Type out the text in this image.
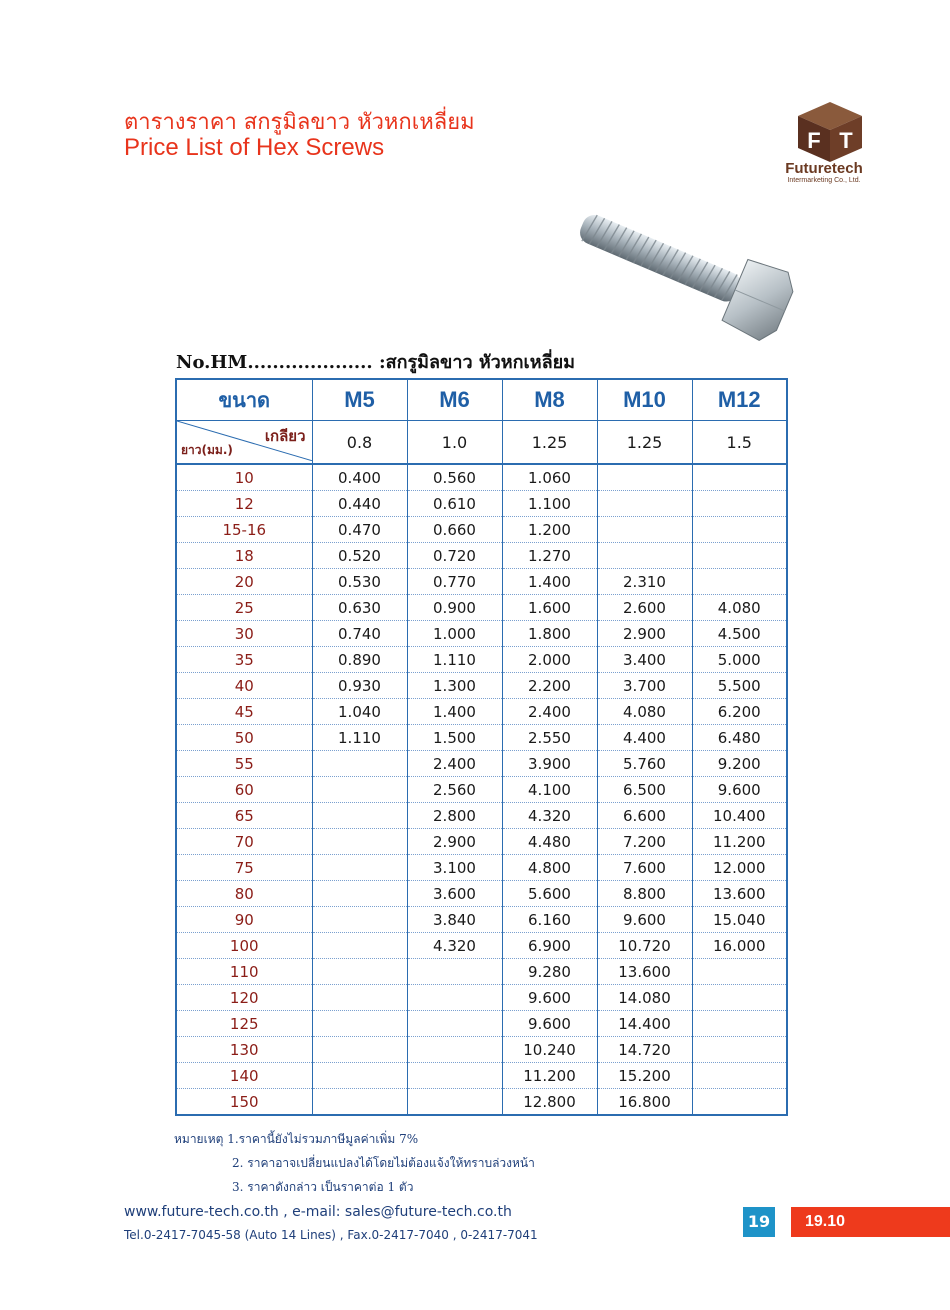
ตารางราคา สกรูมิลขาว หัวหกเหลี่ยม
Price List of Hex Screws	F T
Futuretech
Intermarketing Co., Ltd.
No.HM.................... :สกรูมิลขาว หัวหกเหลี่ยม
ขนาด	M5	M6	M8	M10	M12

เกลียว
ยาว(มม.)	0.8	1.0	1.25	1.25	1.5
10	0.400	0.560	1.060		
12	0.440	0.610	1.100		
15-16	0.470	0.660	1.200		
18	0.520	0.720	1.270		
20	0.530	0.770	1.400	2.310	
25	0.630	0.900	1.600	2.600	4.080
30	0.740	1.000	1.800	2.900	4.500
35	0.890	1.110	2.000	3.400	5.000
40	0.930	1.300	2.200	3.700	5.500
45	1.040	1.400	2.400	4.080	6.200
50	1.110	1.500	2.550	4.400	6.480
55		2.400	3.900	5.760	9.200
60		2.560	4.100	6.500	9.600
65		2.800	4.320	6.600	10.400
70		2.900	4.480	7.200	11.200
75		3.100	4.800	7.600	12.000
80		3.600	5.600	8.800	13.600
90		3.840	6.160	9.600	15.040
100		4.320	6.900	10.720	16.000
110			9.280	13.600	
120			9.600	14.080	
125			9.600	14.400	
130			10.240	14.720	
140			11.200	15.200	
150			12.800	16.800	
หมายเหตุ 1.ราคานี้ยังไม่รวมภาษีมูลค่าเพิ่ม 7%
2. ราคาอาจเปลี่ยนแปลงได้โดยไม่ต้องแจ้งให้ทราบล่วงหน้า
3. ราคาดังกล่าว เป็นราคาต่อ 1 ตัว
www.future-tech.co.th , e-mail: sales@future-tech.co.th
Tel.0-2417-7045-58 (Auto 14 Lines) , Fax.0-2417-7040 , 0-2417-7041
19	19.10
